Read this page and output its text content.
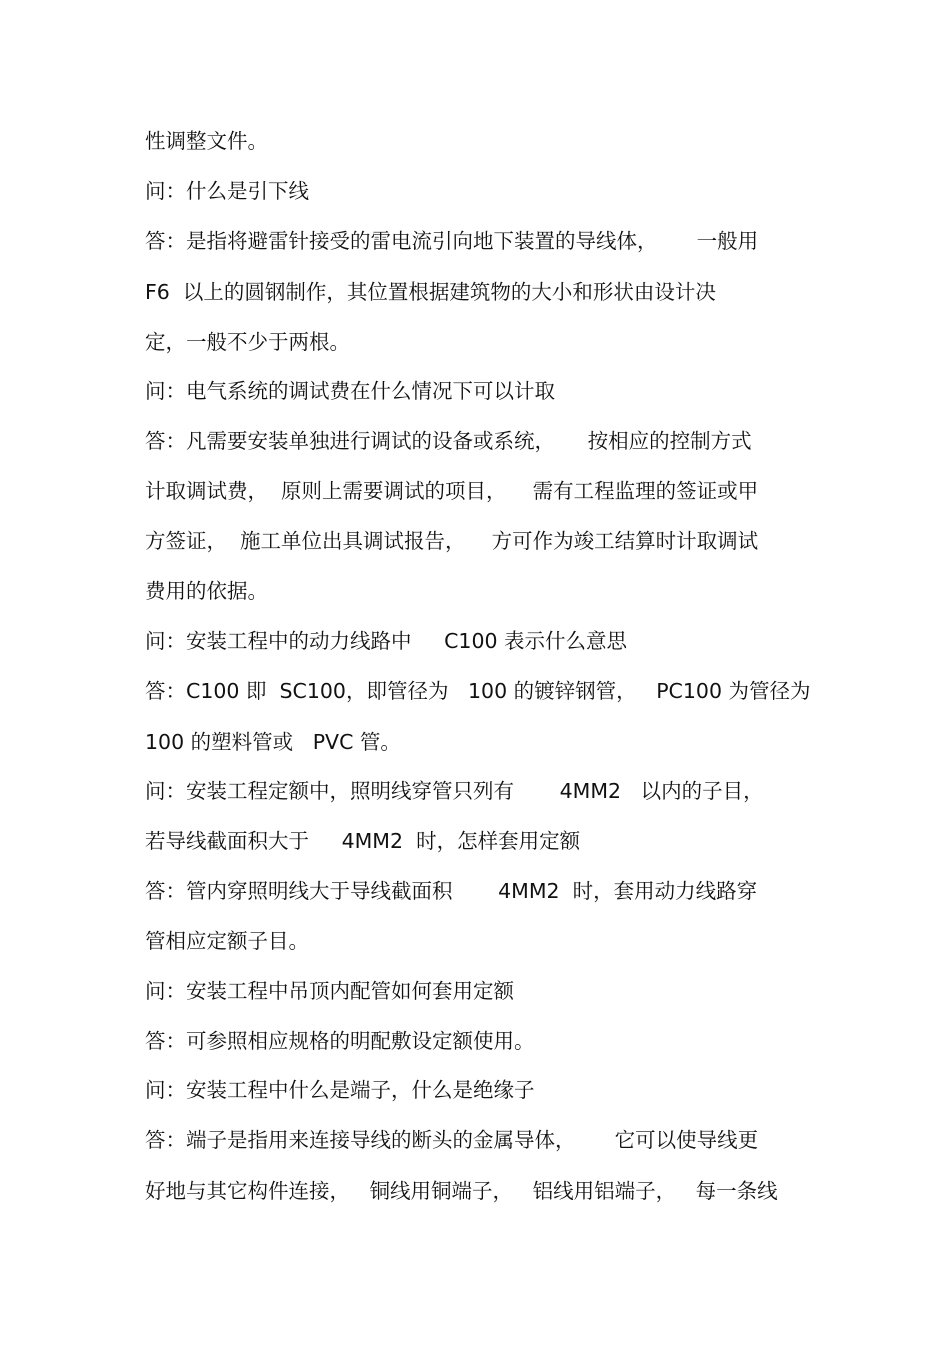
性调整文件。
问：什么是引下线
答：是指将避雷针接受的雷电流引向地下装置的导线体，      一般用
F6  以上的圆钢制作，其位置根据建筑物的大小和形状由设计决
定，一般不少于两根。
问：电气系统的调试费在什么情况下可以计取
答：凡需要安装单独进行调试的设备或系统，     按相应的控制方式
计取调试费，  原则上需要调试的项目，    需有工程监理的签证或甲
方签证，  施工单位出具调试报告，    方可作为竣工结算时计取调试
费用的依据。
问：安装工程中的动力线路中     C100 表示什么意思
答：C100 即  SC100，即管径为   100 的镀锌钢管，   PC100 为管径为
100 的塑料管或   PVC 管。
问：安装工程定额中，照明线穿管只列有       4MM2   以内的子目，
若导线截面积大于     4MM2  时，怎样套用定额
答：管内穿照明线大于导线截面积       4MM2  时，套用动力线路穿
管相应定额子目。
问：安装工程中吊顶内配管如何套用定额
答：可参照相应规格的明配敷设定额使用。
问：安装工程中什么是端子，什么是绝缘子
答：端子是指用来连接导线的断头的金属导体，      它可以使导线更
好地与其它构件连接，   铜线用铜端子，   铝线用铝端子，   每一条线
